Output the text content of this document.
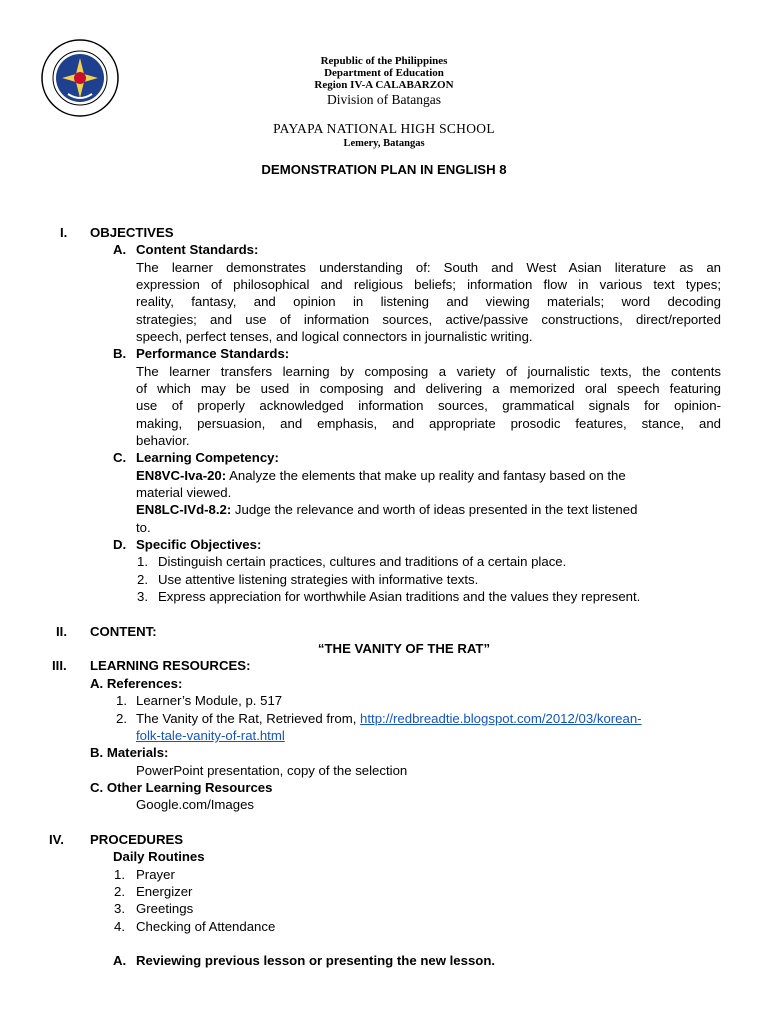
Republic of the Philippines
Department of Education
Region IV-A CALABARZON
Division of Batangas
PAYAPA NATIONAL HIGH SCHOOL
Lemery, Batangas
DEMONSTRATION PLAN IN ENGLISH 8
I. OBJECTIVES
A. Content Standards:
The learner demonstrates understanding of: South and West Asian literature as an
expression of philosophical and religious beliefs; information flow in various text types;
reality, fantasy, and opinion in listening and viewing materials; word decoding
strategies; and use of information sources, active/passive constructions, direct/reported
speech, perfect tenses, and logical connectors in journalistic writing.
B. Performance Standards:
The learner transfers learning by composing a variety of journalistic texts, the contents
of which may be used in composing and delivering a memorized oral speech featuring
use of properly acknowledged information sources, grammatical signals for opinion-
making, persuasion, and emphasis, and appropriate prosodic features, stance, and
behavior.
C. Learning Competency:
EN8VC-Iva-20: Analyze the elements that make up reality and fantasy based on the
material viewed.
EN8LC-IVd-8.2: Judge the relevance and worth of ideas presented in the text listened
to.
D. Specific Objectives:
1. Distinguish certain practices, cultures and traditions of a certain place.
2. Use attentive listening strategies with informative texts.
3. Express appreciation for worthwhile Asian traditions and the values they represent.
II. CONTENT:
“THE VANITY OF THE RAT”
III. LEARNING RESOURCES:
A. References:
1. Learner’s Module, p. 517
2. The Vanity of the Rat, Retrieved from, http://redbreadtie.blogspot.com/2012/03/korean-
folk-tale-vanity-of-rat.html
B. Materials:
PowerPoint presentation, copy of the selection
C. Other Learning Resources
Google.com/Images
IV. PROCEDURES
Daily Routines
1. Prayer
2. Energizer
3. Greetings
4. Checking of Attendance
A. Reviewing previous lesson or presenting the new lesson.
